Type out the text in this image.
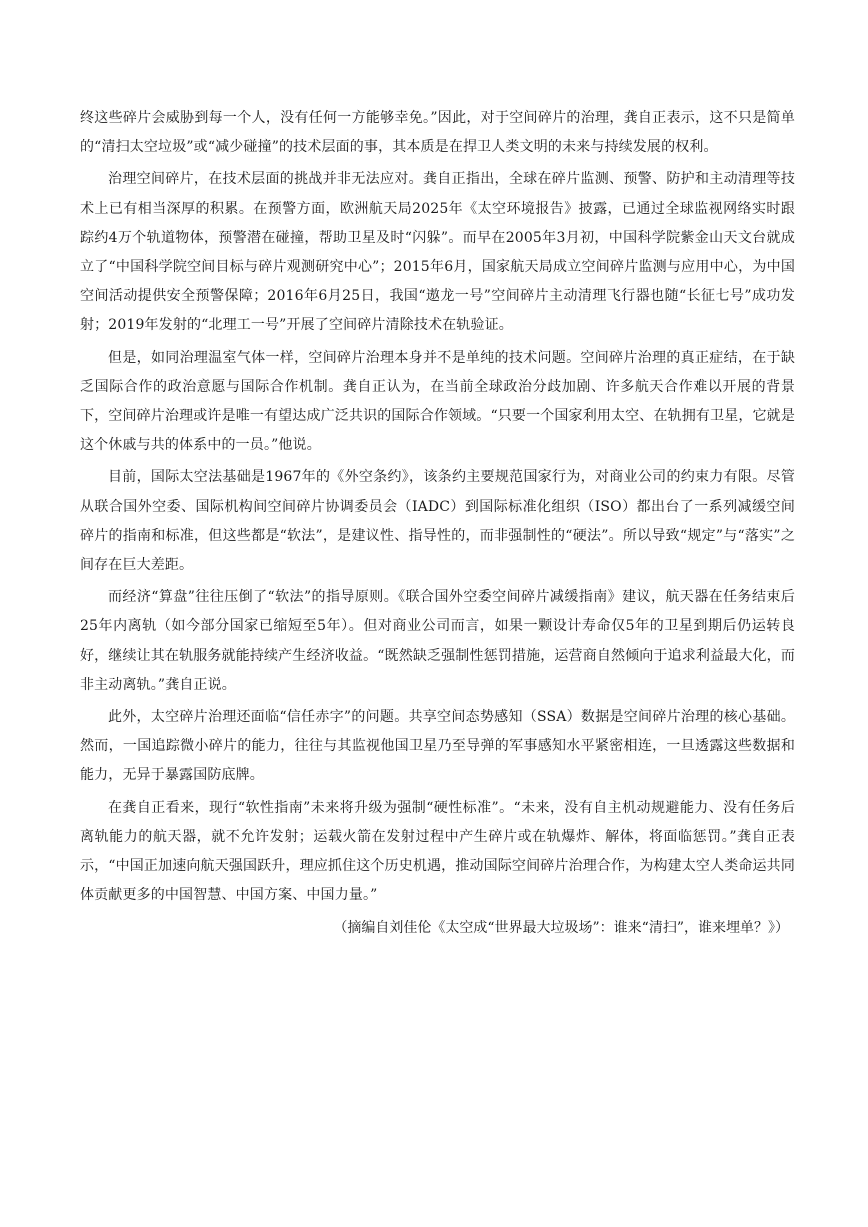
终这些碎片会威胁到每一个人，没有任何一方能够幸免。”因此，对于空间碎片的治理，龚自正表示，这不只是简单的“清扫太空垃圾”或“减少碰撞”的技术层面的事，其本质是在捍卫人类文明的未来与持续发展的权利。

治理空间碎片，在技术层面的挑战并非无法应对。龚自正指出，全球在碎片监测、预警、防护和主动清理等技术上已有相当深厚的积累。在预警方面，欧洲航天局2025年《太空环境报告》披露，已通过全球监视网络实时跟踪约4万个轨道物体，预警潜在碰撞，帮助卫星及时“闪躲”。而早在2005年3月初，中国科学院紫金山天文台就成立了“中国科学院空间目标与碎片观测研究中心”；2015年6月，国家航天局成立空间碎片监测与应用中心，为中国空间活动提供安全预警保障；2016年6月25日，我国“遨龙一号”空间碎片主动清理飞行器也随“长征七号”成功发射；2019年发射的“北理工一号”开展了空间碎片清除技术在轨验证。

但是，如同治理温室气体一样，空间碎片治理本身并不是单纯的技术问题。空间碎片治理的真正症结，在于缺乏国际合作的政治意愿与国际合作机制。龚自正认为，在当前全球政治分歧加剧、许多航天合作难以开展的背景下，空间碎片治理或许是唯一有望达成广泛共识的国际合作领域。“只要一个国家利用太空、在轨拥有卫星，它就是这个休戚与共的体系中的一员。”他说。

目前，国际太空法基础是1967年的《外空条约》，该条约主要规范国家行为，对商业公司的约束力有限。尽管从联合国外空委、国际机构间空间碎片协调委员会（IADC）到国际标准化组织（ISO）都出台了一系列减缓空间碎片的指南和标准，但这些都是“软法”，是建议性、指导性的，而非强制性的“硬法”。所以导致“规定”与“落实”之间存在巨大差距。

而经济“算盘”往往压倒了“软法”的指导原则。《联合国外空委空间碎片减缓指南》建议，航天器在任务结束后25年内离轨（如今部分国家已缩短至5年）。但对商业公司而言，如果一颗设计寿命仅5年的卫星到期后仍运转良好，继续让其在轨服务就能持续产生经济收益。“既然缺乏强制性惩罚措施，运营商自然倾向于追求利益最大化，而非主动离轨。”龚自正说。

此外，太空碎片治理还面临“信任赤字”的问题。共享空间态势感知（SSA）数据是空间碎片治理的核心基础。然而，一国追踪微小碎片的能力，往往与其监视他国卫星乃至导弹的军事感知水平紧密相连，一旦透露这些数据和能力，无异于暴露国防底牌。

在龚自正看来，现行“软性指南”未来将升级为强制“硬性标准”。“未来，没有自主机动规避能力、没有任务后离轨能力的航天器，就不允许发射；运载火箭在发射过程中产生碎片或在轨爆炸、解体，将面临惩罚。”龚自正表示，“中国正加速向航天强国跃升，理应抓住这个历史机遇，推动国际空间碎片治理合作，为构建太空人类命运共同体贡献更多的中国智慧、中国方案、中国力量。”

（摘编自刘佳伦《太空成“世界最大垃圾场”：谁来“清扫”，谁来埋单？》）
